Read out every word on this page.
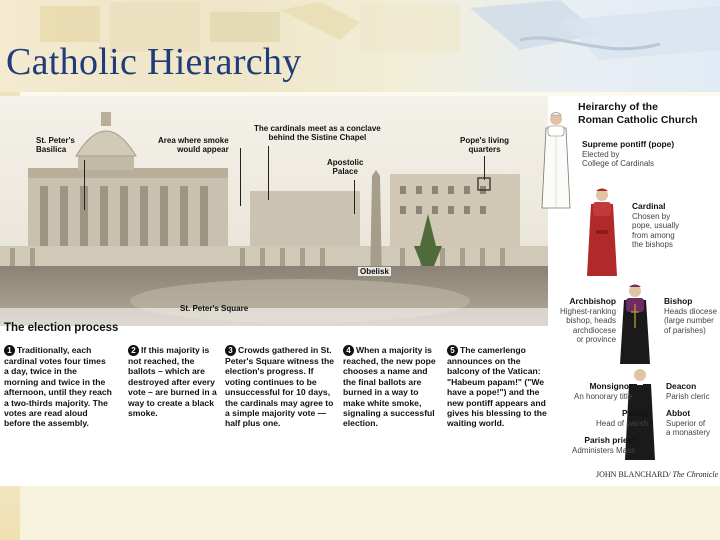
Catholic Hierarchy
St. Peter's
Basilica
Area where smoke
would appear
The cardinals meet as a conclave
behind the Sistine Chapel
Apostolic
Palace
Pope's living
quarters
Obelisk
St. Peter's Square
The election process
1 Traditionally, each cardinal votes four times a day, twice in the morning and twice in the afternoon, until they reach a two-thirds majority. The votes are read aloud before the assembly.
2 If this majority is not reached, the ballots – which are destroyed after every vote – are burned in a way to create a black smoke.
3 Crowds gathered in St. Peter's Square witness the election's progress. If voting continues to be unsuccessful for 10 days, the cardinals may agree to a simple majority vote — half plus one.
4 When a majority is reached, the new pope chooses a name and the final ballots are burned in a way to make white smoke, signaling a successful election.
5 The camerlengo announces on the balcony of the Vatican: "Habeum papam!" ("We have a pope!") and the new pontiff appears and gives his blessing to the waiting world.
Heirarchy of the
Roman Catholic Church
Supreme pontiff (pope)
Elected by
College of Cardinals
Cardinal
Chosen by
pope, usually
from among
the bishops
Archbishop
Highest-ranking
bishop, heads
archdiocese
or province
Bishop
Heads diocese
(large number
of parishes)
Monsignor
An honorary title
Pastor
Head of parish
Parish priest
Administers Mass
Deacon
Parish cleric
Abbot
Superior of
a monastery
JOHN BLANCHARD/ The Chronicle
